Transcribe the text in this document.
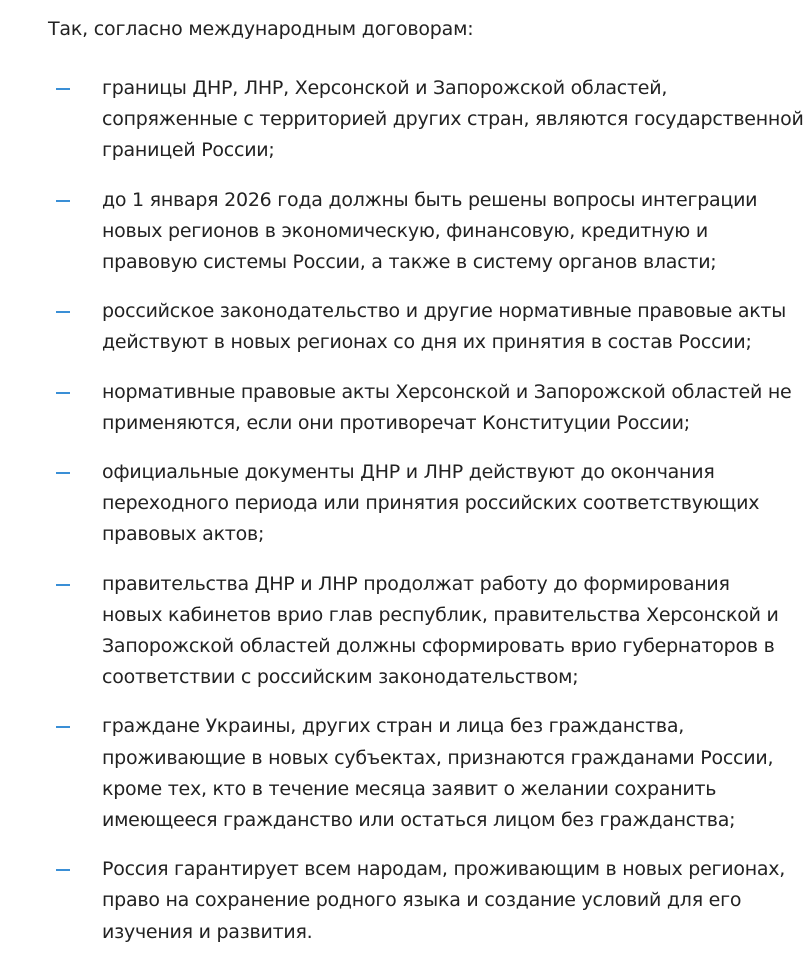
Так, согласно международным договорам:

границы ДНР, ЛНР, Херсонской и Запорожской областей,
сопряженные с территорией других стран, являются государственной
границей России;

до 1 января 2026 года должны быть решены вопросы интеграции
новых регионов в экономическую, финансовую, кредитную и
правовую системы России, а также в систему органов власти;

российское законодательство и другие нормативные правовые акты
действуют в новых регионах со дня их принятия в состав России;

нормативные правовые акты Херсонской и Запорожской областей не
применяются, если они противоречат Конституции России;

официальные документы ДНР и ЛНР действуют до окончания
переходного периода или принятия российских соответствующих
правовых актов;

правительства ДНР и ЛНР продолжат работу до формирования
новых кабинетов врио глав республик, правительства Херсонской и
Запорожской областей должны сформировать врио губернаторов в
соответствии с российским законодательством;

граждане Украины, других стран и лица без гражданства,
проживающие в новых субъектах, признаются гражданами России,
кроме тех, кто в течение месяца заявит о желании сохранить
имеющееся гражданство или остаться лицом без гражданства;

Россия гарантирует всем народам, проживающим в новых регионах,
право на сохранение родного языка и создание условий для его
изучения и развития.
